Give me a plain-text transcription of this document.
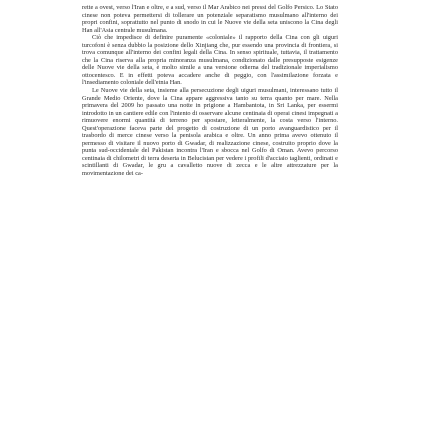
rette a ovest, verso l'Iran e oltre, e a sud, verso il Mar Arabico nei pressi del Golfo Persico. Lo Stato cinese non poteva permettersi di tollerare un potenziale separatismo musulmano all'interno dei propri confini, soprattutto nel punto di snodo in cui le Nuove vie della seta uniscono la Cina degli Han all'Asia centrale musulmana.

Ciò che impedisce di definire puramente «coloniale» il rapporto della Cina con gli uiguri turcofoni è senza dubbio la posizione dello Xinjiang che, pur essendo una provincia di frontiera, si trova comunque all'interno dei confini legali della Cina. In senso spirituale, tuttavia, il trattamento che la Cina riserva alla propria minoranza musulmana, condizionato dalle presupposte esigenze delle Nuove vie della seta, è molto simile a una versione odierna del tradizionale imperialismo ottocentesco. E in effetti poteva accadere anche di peggio, con l'assimilazione forzata e l'insediamento coloniale dell'etnia Han.

Le Nuove vie della seta, insieme alla persecuzione degli uiguri musulmani, interessano tutto il Grande Medio Oriente, dove la Cina appare aggressiva tanto su terra quanto per mare. Nella primavera del 2009 ho passato una notte in prigione a Hambantota, in Sri Lanka, per essermi introdotto in un cantiere edile con l'intento di osservare alcune centinaia di operai cinesi impegnati a rimuovere enormi quantità di terreno per spostare, letteralmente, la costa verso l'interno. Quest'operazione faceva parte del progetto di costruzione di un porto avanguardistico per il trasbordo di merce cinese verso la penisola arabica e oltre. Un anno prima avevo ottenuto il permesso di visitare il nuovo porto di Gwadar, di realizzazione cinese, costruito proprio dove la punta sud-occidentale del Pakistan incontra l'Iran e sbocca nel Golfo di Oman. Avevo percorso centinaia di chilometri di terra deserta in Belucistan per vedere i profili d'acciaio taglienti, ordinati e scintillanti di Gwadar, le gru a cavalletto nuove di zecca e le altre attrezzature per la movimentazione dei ca-
